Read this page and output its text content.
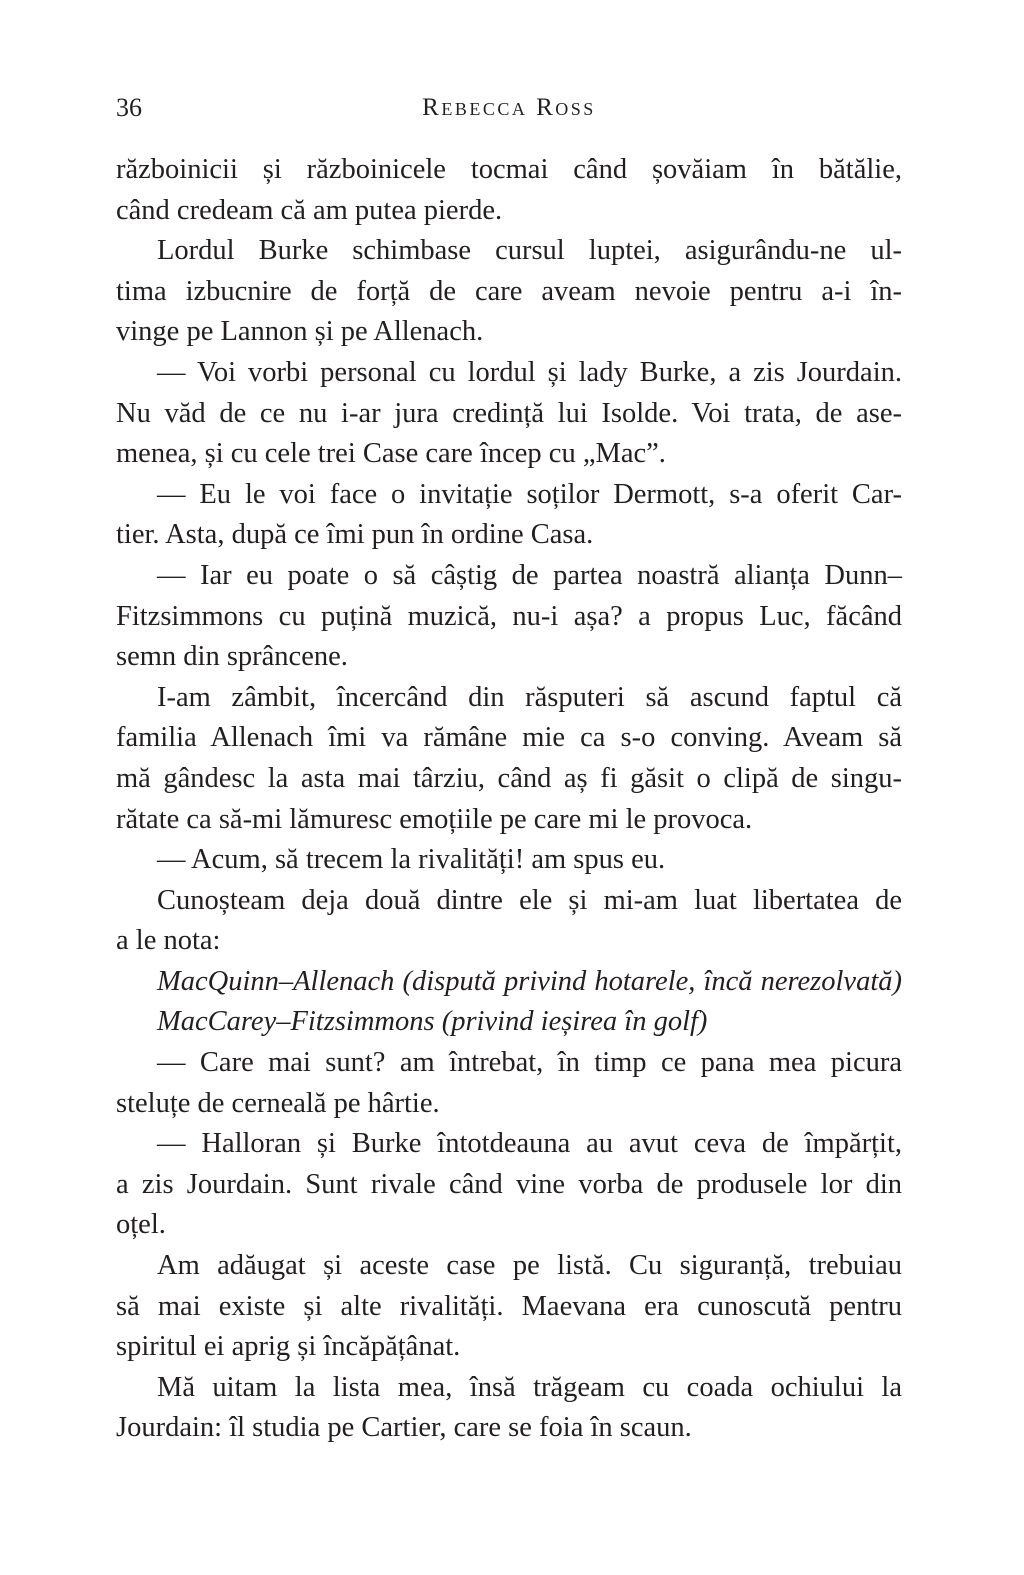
36	Rebecca Ross
războinicii și războinicele tocmai când șovăiam în bătălie,
când credeam că am putea pierde.
Lordul Burke schimbase cursul luptei, asigurându-ne ul-
tima izbucnire de forță de care aveam nevoie pentru a-i în-
vinge pe Lannon și pe Allenach.
— Voi vorbi personal cu lordul și lady Burke, a zis Jourdain.
Nu văd de ce nu i-ar jura credință lui Isolde. Voi trata, de ase-
menea, și cu cele trei Case care încep cu „Mac”.
— Eu le voi face o invitație soților Dermott, s-a oferit Car-
tier. Asta, după ce îmi pun în ordine Casa.
— Iar eu poate o să câștig de partea noastră alianța Dunn–
Fitzsimmons cu puțină muzică, nu-i așa? a propus Luc, făcând
semn din sprâncene.
I-am zâmbit, încercând din răsputeri să ascund faptul că
familia Allenach îmi va rămâne mie ca s-o conving. Aveam să
mă gândesc la asta mai târziu, când aș fi găsit o clipă de singu-
rătate ca să-mi lămuresc emoțiile pe care mi le provoca.
— Acum, să trecem la rivalități! am spus eu.
Cunoșteam deja două dintre ele și mi-am luat libertatea de
a le nota:
MacQuinn–Allenach (dispută privind hotarele, încă nerezolvată)
MacCarey–Fitzsimmons (privind ieșirea în golf)
— Care mai sunt? am întrebat, în timp ce pana mea picura
steluțe de cerneală pe hârtie.
— Halloran și Burke întotdeauna au avut ceva de împărțit,
a zis Jourdain. Sunt rivale când vine vorba de produsele lor din
oțel.
Am adăugat și aceste case pe listă. Cu siguranță, trebuiau
să mai existe și alte rivalități. Maevana era cunoscută pentru
spiritul ei aprig și încăpățânat.
Mă uitam la lista mea, însă trăgeam cu coada ochiului la
Jourdain: îl studia pe Cartier, care se foia în scaun.
